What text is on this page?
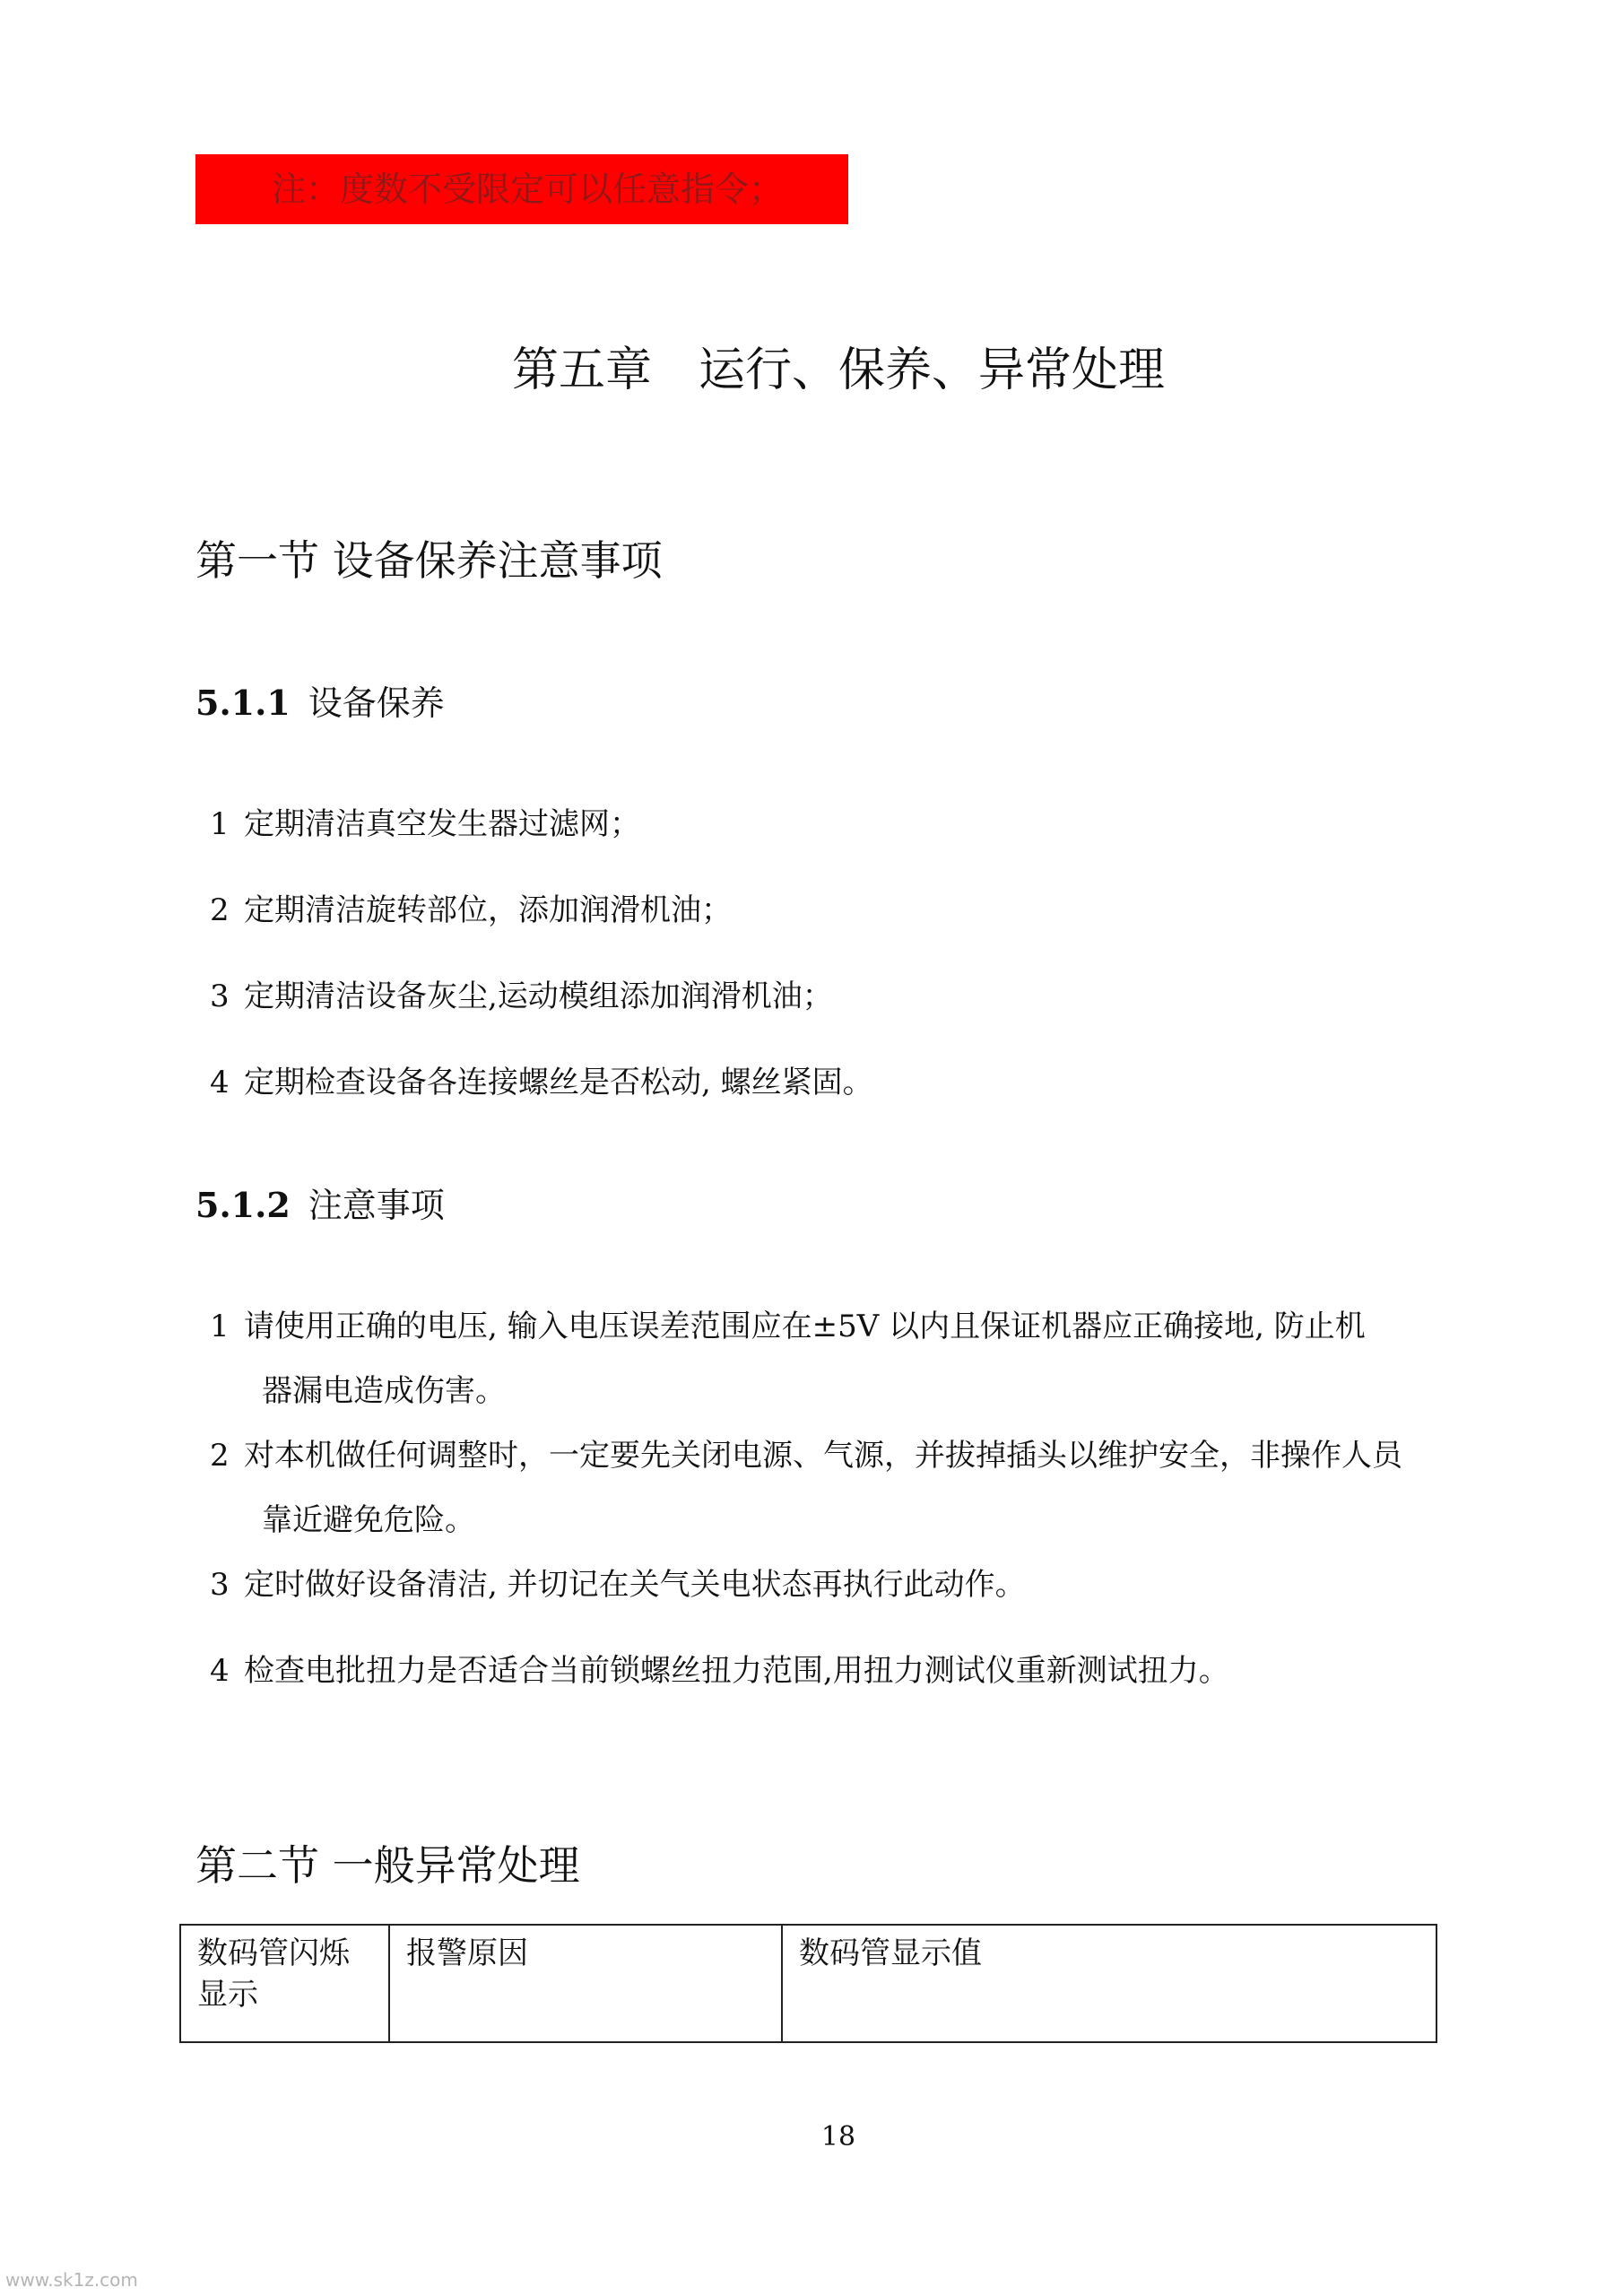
注：度数不受限定可以任意指令；
第五章　运行、保养、异常处理
第一节 设备保养注意事项
5.1.1 设备保养
1 定期清洁真空发生器过滤网；
2 定期清洁旋转部位，添加润滑机油；
3 定期清洁设备灰尘,运动模组添加润滑机油；
4 定期检查设备各连接螺丝是否松动, 螺丝紧固。
5.1.2 注意事项
1 请使用正确的电压, 输入电压误差范围应在±5V 以内且保证机器应正确接地, 防止机
器漏电造成伤害。
2 对本机做任何调整时，一定要先关闭电源、气源，并拔掉插头以维护安全，非操作人员
靠近避免危险。
3 定时做好设备清洁, 并切记在关气关电状态再执行此动作。
4 检查电批扭力是否适合当前锁螺丝扭力范围,用扭力测试仪重新测试扭力。
第二节 一般异常处理
数码管闪烁显示	报警原因	数码管显示值
18
www.sk1z.com
